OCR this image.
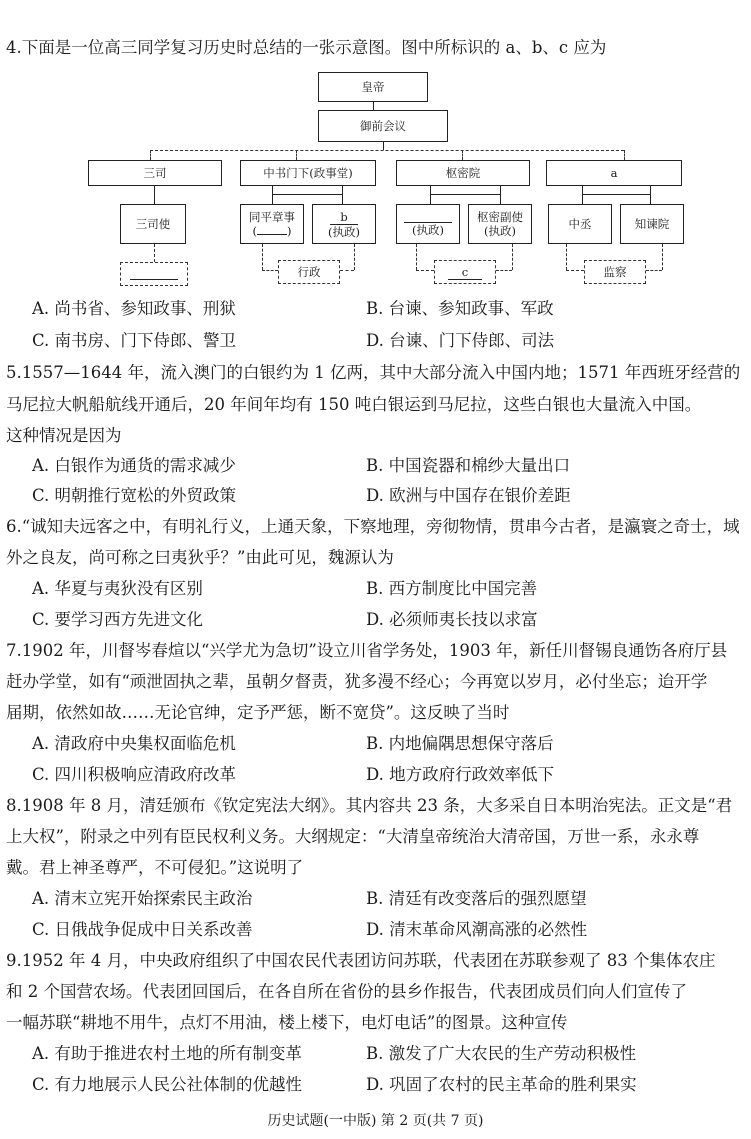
4.下面是一位高三同学复习历史时总结的一张示意图。图中所标识的 a、b、c 应为
皇帝
御前会议
三司	中书门下(政事堂)	枢密院	a
三司使	同平章事
(	)
b
(执政)	(执政)
枢密副使
(执政)	中丞	知谏院
行政	c	监察
A. 尚书省、参知政事、刑狱	B. 台谏、参知政事、军政
C. 南书房、门下侍郎、警卫	D. 台谏、门下侍郎、司法
5.1557—1644 年，流入澳门的白银约为 1 亿两，其中大部分流入中国内地；1571 年西班牙经营的
马尼拉大帆船航线开通后，20 年间年均有 150 吨白银运到马尼拉，这些白银也大量流入中国。
这种情况是因为
A. 白银作为通货的需求减少	B. 中国瓷器和棉纱大量出口
C. 明朝推行宽松的外贸政策	D. 欧洲与中国存在银价差距
6.“诚知夫远客之中，有明礼行义，上通天象，下察地理，旁彻物情，贯串今古者，是瀛寰之奇士，域
外之良友，尚可称之曰夷狄乎？”由此可见，魏源认为
A. 华夏与夷狄没有区别	B. 西方制度比中国完善
C. 要学习西方先进文化	D. 必须师夷长技以求富
7.1902 年，川督岑春煊以“兴学尤为急切”设立川省学务处，1903 年，新任川督锡良通饬各府厅县
赶办学堂，如有“顽泄固执之辈，虽朝夕督责，犹多漫不经心；今再宽以岁月，必付坐忘；迨开学
届期，依然如故……无论官绅，定予严惩，断不宽贷”。这反映了当时
A. 清政府中央集权面临危机	B. 内地偏隅思想保守落后
C. 四川积极响应清政府改革	D. 地方政府行政效率低下
8.1908 年 8 月，清廷颁布《钦定宪法大纲》。其内容共 23 条，大多采自日本明治宪法。正文是“君
上大权”，附录之中列有臣民权利义务。大纲规定：“大清皇帝统治大清帝国，万世一系，永永尊
戴。君上神圣尊严，不可侵犯。”这说明了
A. 清末立宪开始探索民主政治	B. 清廷有改变落后的强烈愿望
C. 日俄战争促成中日关系改善	D. 清末革命风潮高涨的必然性
9.1952 年 4 月，中央政府组织了中国农民代表团访问苏联，代表团在苏联参观了 83 个集体农庄
和 2 个国营农场。代表团回国后，在各自所在省份的县乡作报告，代表团成员们向人们宣传了
一幅苏联“耕地不用牛，点灯不用油，楼上楼下，电灯电话”的图景。这种宣传
A. 有助于推进农村土地的所有制变革	B. 激发了广大农民的生产劳动积极性
C. 有力地展示人民公社体制的优越性	D. 巩固了农村的民主革命的胜利果实
历史试题(一中版) 第 2 页(共 7 页)
